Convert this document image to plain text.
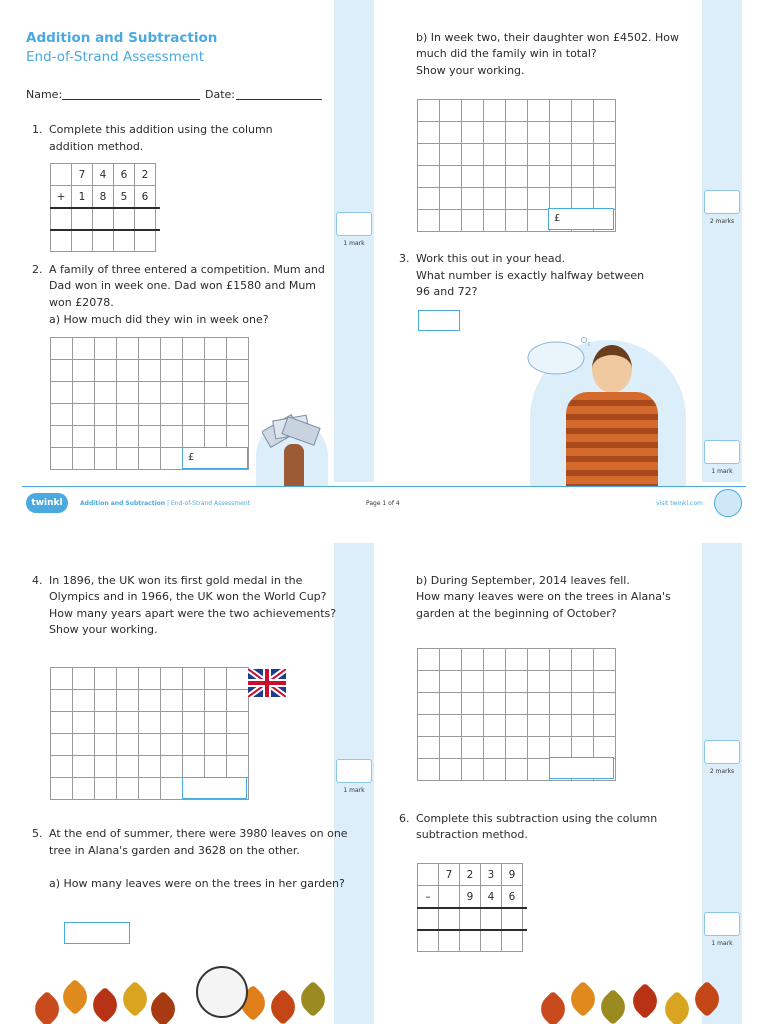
Addition and Subtraction
End-of-Strand Assessment
Name:	Date:
1. Complete this addition using the column
addition method.
	7	4	6	2
+	1	8	5	6

1 mark
2. A family of three entered a competition. Mum and
Dad won in week one. Dad won £1580 and Mum
won £2078.
a) How much did they win in week one?

£
b) In week two, their daughter won £4502. How
much did the family win in total?
Show your working.

£	2 marks
3. Work this out in your head.
What number is exactly halfway between
96 and 72?
1 mark
twinkl	Addition and Subtraction | End-of-Strand Assessment	Page 1 of 4	visit twinkl.com
4. In 1896, the UK won its first gold medal in the
Olympics and in 1966, the UK won the World Cup?
How many years apart were the two achievements?
Show your working.

1 mark
5. At the end of summer, there were 3980 leaves on one
tree in Alana's garden and 3628 on the other.
a) How many leaves were on the trees in her garden?
b) During September, 2014 leaves fell.
How many leaves were on the trees in Alana's
garden at the beginning of October?

2 marks
6. Complete this subtraction using the column
subtraction method.
	7	2	3	9
–		9	4	6

1 mark
